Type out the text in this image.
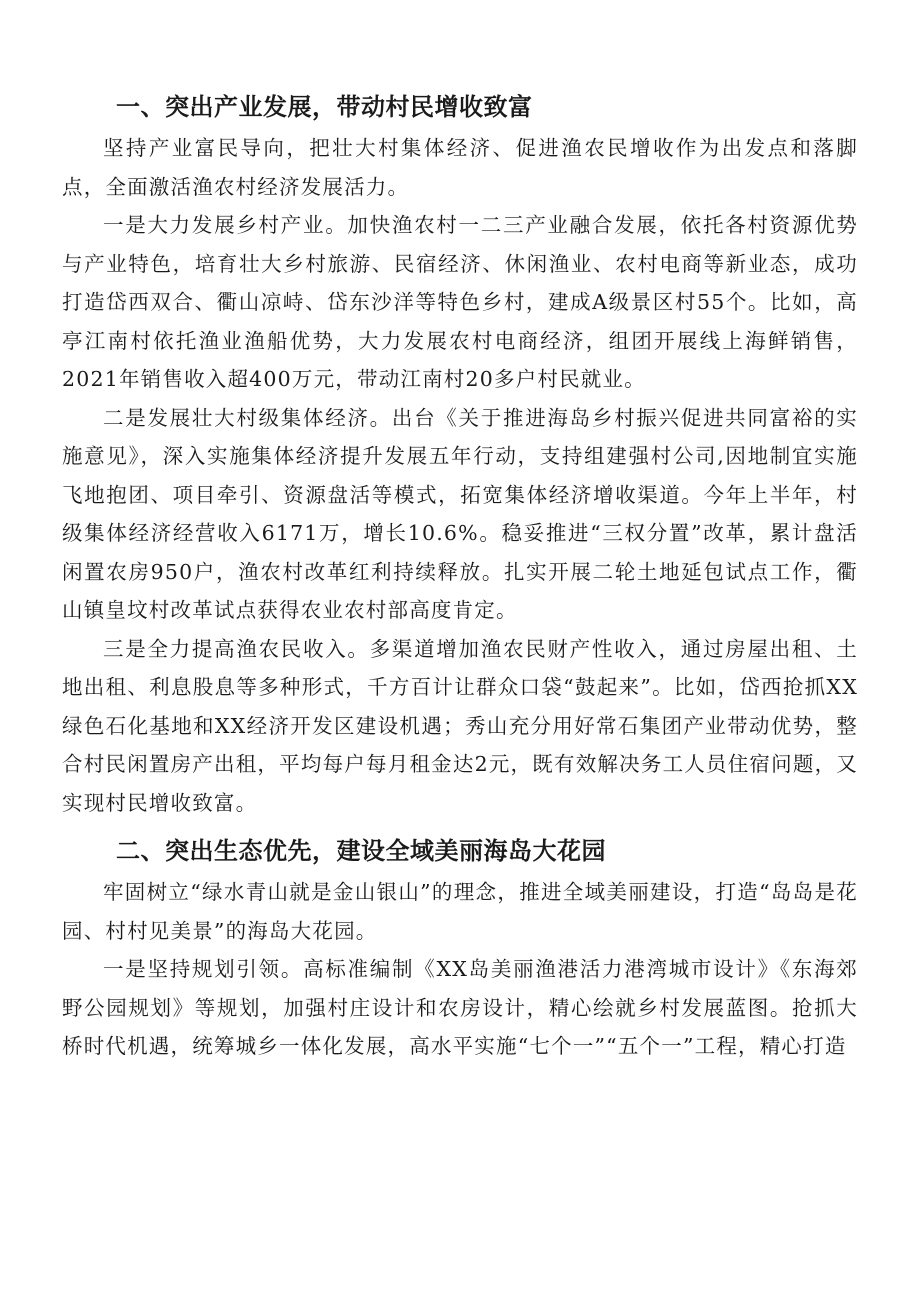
一、突出产业发展，带动村民增收致富

坚持产业富民导向，把壮大村集体经济、促进渔农民增收作为出发点和落脚点，全面激活渔农村经济发展活力。

一是大力发展乡村产业。加快渔农村一二三产业融合发展，依托各村资源优势与产业特色，培育壮大乡村旅游、民宿经济、休闲渔业、农村电商等新业态，成功打造岱西双合、衢山凉峙、岱东沙洋等特色乡村，建成A级景区村55个。比如，高亭江南村依托渔业渔船优势，大力发展农村电商经济，组团开展线上海鲜销售，2021年销售收入超400万元，带动江南村20多户村民就业。

二是发展壮大村级集体经济。出台《关于推进海岛乡村振兴促进共同富裕的实施意见》，深入实施集体经济提升发展五年行动，支持组建强村公司,因地制宜实施飞地抱团、项目牵引、资源盘活等模式，拓宽集体经济增收渠道。今年上半年，村级集体经济经营收入6171万，增长10.6%。稳妥推进“三权分置”改革，累计盘活闲置农房950户，渔农村改革红利持续释放。扎实开展二轮土地延包试点工作，衢山镇皇坟村改革试点获得农业农村部高度肯定。

三是全力提高渔农民收入。多渠道增加渔农民财产性收入，通过房屋出租、土地出租、利息股息等多种形式，千方百计让群众口袋“鼓起来”。比如，岱西抢抓XX绿色石化基地和XX经济开发区建设机遇；秀山充分用好常石集团产业带动优势，整合村民闲置房产出租，平均每户每月租金达2元，既有效解决务工人员住宿问题，又实现村民增收致富。

二、突出生态优先，建设全域美丽海岛大花园

牢固树立“绿水青山就是金山银山”的理念，推进全域美丽建设，打造“岛岛是花园、村村见美景”的海岛大花园。

一是坚持规划引领。高标准编制《XX岛美丽渔港活力港湾城市设计》《东海郊野公园规划》等规划，加强村庄设计和农房设计，精心绘就乡村发展蓝图。抢抓大桥时代机遇，统筹城乡一体化发展，高水平实施“七个一”“五个一”工程，精心打造
